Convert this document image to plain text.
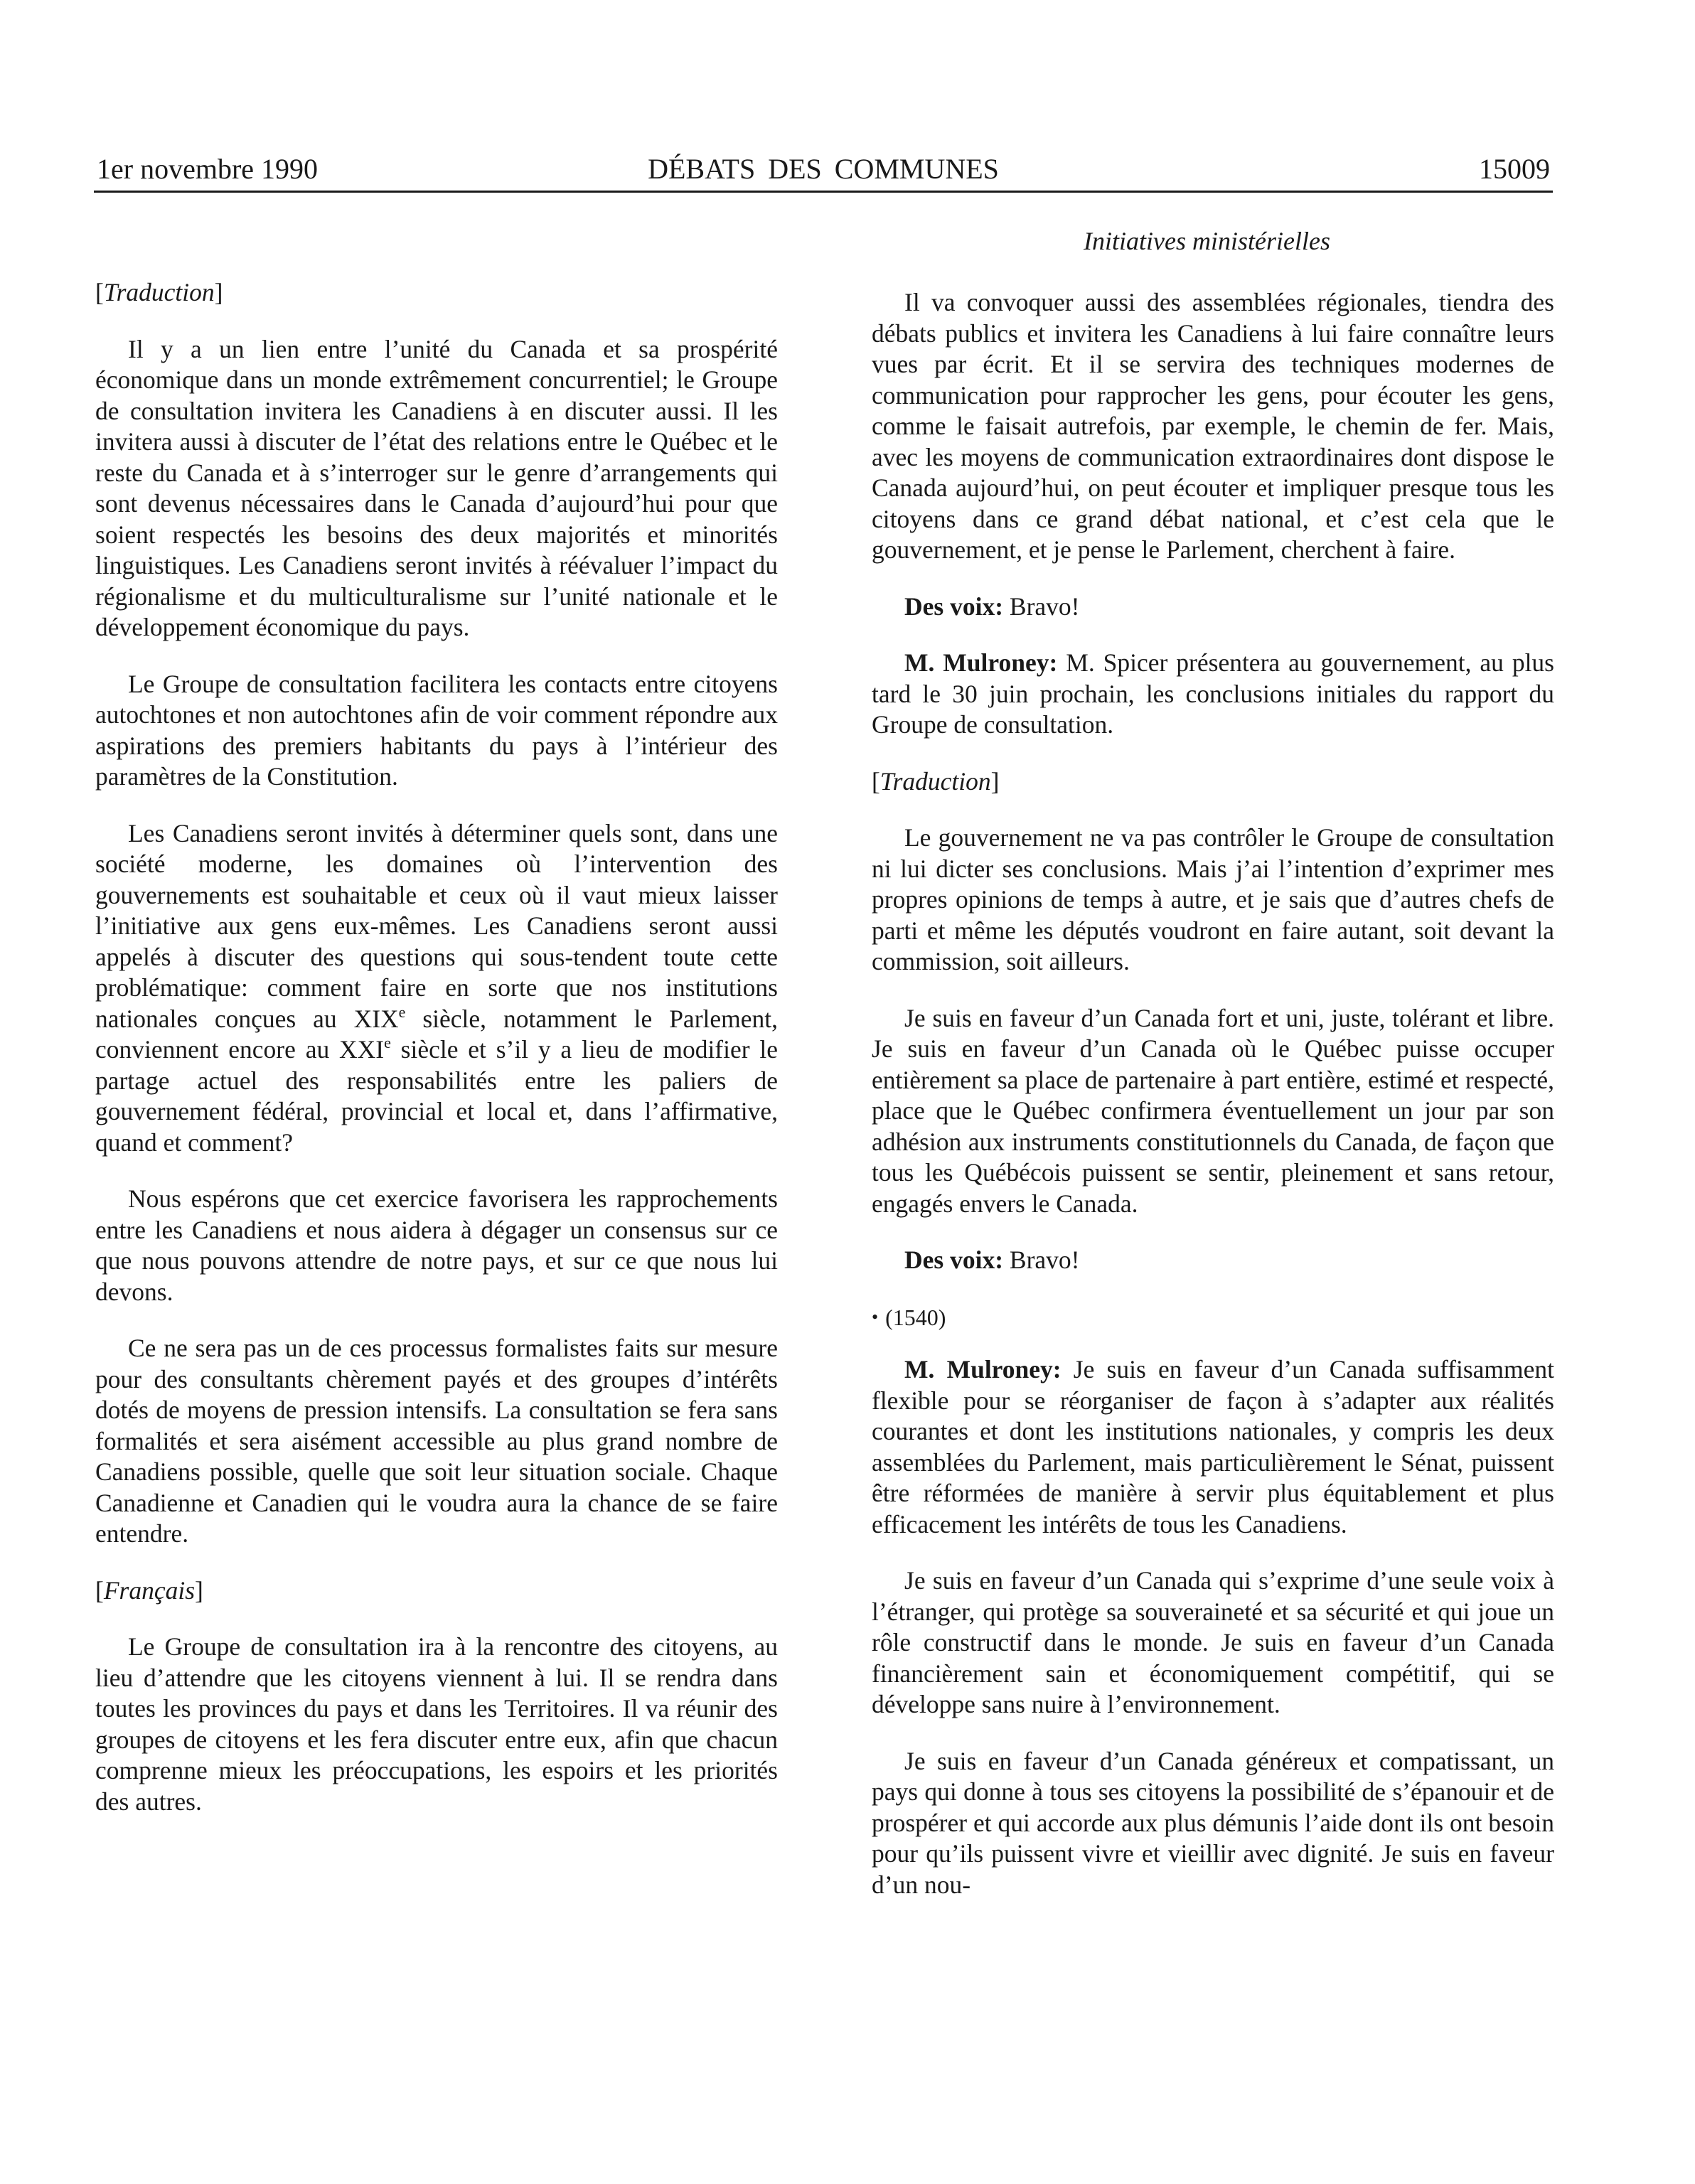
1er novembre 1990	DÉBATS DES COMMUNES	15009
Initiatives ministérielles

[Traduction]

Il y a un lien entre l’unité du Canada et sa prospérité économique dans un monde extrêmement concurrentiel; le Groupe de consultation invitera les Canadiens à en discuter aussi. Il les invitera aussi à discuter de l’état des relations entre le Québec et le reste du Canada et à s’interroger sur le genre d’arrangements qui sont devenus nécessaires dans le Canada d’aujourd’hui pour que soient respectés les besoins des deux majorités et minorités linguistiques. Les Canadiens seront invités à réévaluer l’impact du régionalisme et du multiculturalisme sur l’unité nationale et le développement économique du pays.

Le Groupe de consultation facilitera les contacts entre citoyens autochtones et non autochtones afin de voir comment répondre aux aspirations des premiers habitants du pays à l’intérieur des paramètres de la Constitution.

Les Canadiens seront invités à déterminer quels sont, dans une société moderne, les domaines où l’intervention des gouvernements est souhaitable et ceux où il vaut mieux laisser l’initiative aux gens eux-mêmes. Les Canadiens seront aussi appelés à discuter des questions qui sous-tendent toute cette problématique: comment faire en sorte que nos institutions nationales conçues au XIXe siècle, notamment le Parlement, conviennent encore au XXIe siècle et s’il y a lieu de modifier le partage actuel des responsabilités entre les paliers de gouvernement fédéral, provincial et local et, dans l’affirmative, quand et comment?

Nous espérons que cet exercice favorisera les rapprochements entre les Canadiens et nous aidera à dégager un consensus sur ce que nous pouvons attendre de notre pays, et sur ce que nous lui devons.

Ce ne sera pas un de ces processus formalistes faits sur mesure pour des consultants chèrement payés et des groupes d’intérêts dotés de moyens de pression intensifs. La consultation se fera sans formalités et sera aisément accessible au plus grand nombre de Canadiens possible, quelle que soit leur situation sociale. Chaque Canadienne et Canadien qui le voudra aura la chance de se faire entendre.

[Français]

Le Groupe de consultation ira à la rencontre des citoyens, au lieu d’attendre que les citoyens viennent à lui. Il se rendra dans toutes les provinces du pays et dans les Territoires. Il va réunir des groupes de citoyens et les fera discuter entre eux, afin que chacun comprenne mieux les préoccupations, les espoirs et les priorités des autres.

Il va convoquer aussi des assemblées régionales, tiendra des débats publics et invitera les Canadiens à lui faire connaître leurs vues par écrit. Et il se servira des techniques modernes de communication pour rapprocher les gens, pour écouter les gens, comme le faisait autrefois, par exemple, le chemin de fer. Mais, avec les moyens de communication extraordinaires dont dispose le Canada aujourd’hui, on peut écouter et impliquer presque tous les citoyens dans ce grand débat national, et c’est cela que le gouvernement, et je pense le Parlement, cherchent à faire.

Des voix: Bravo!

M. Mulroney: M. Spicer présentera au gouvernement, au plus tard le 30 juin prochain, les conclusions initiales du rapport du Groupe de consultation.

[Traduction]

Le gouvernement ne va pas contrôler le Groupe de consultation ni lui dicter ses conclusions. Mais j’ai l’intention d’exprimer mes propres opinions de temps à autre, et je sais que d’autres chefs de parti et même les députés voudront en faire autant, soit devant la commission, soit ailleurs.

Je suis en faveur d’un Canada fort et uni, juste, tolérant et libre. Je suis en faveur d’un Canada où le Québec puisse occuper entièrement sa place de partenaire à part entière, estimé et respecté, place que le Québec confirmera éventuellement un jour par son adhésion aux instruments constitutionnels du Canada, de façon que tous les Québécois puissent se sentir, pleinement et sans retour, engagés envers le Canada.

Des voix: Bravo!

• (1540)

M. Mulroney: Je suis en faveur d’un Canada suffisamment flexible pour se réorganiser de façon à s’adapter aux réalités courantes et dont les institutions nationales, y compris les deux assemblées du Parlement, mais particulièrement le Sénat, puissent être réformées de manière à servir plus équitablement et plus efficacement les intérêts de tous les Canadiens.

Je suis en faveur d’un Canada qui s’exprime d’une seule voix à l’étranger, qui protège sa souveraineté et sa sécurité et qui joue un rôle constructif dans le monde. Je suis en faveur d’un Canada financièrement sain et économiquement compétitif, qui se développe sans nuire à l’environnement.

Je suis en faveur d’un Canada généreux et compatissant, un pays qui donne à tous ses citoyens la possibilité de s’épanouir et de prospérer et qui accorde aux plus démunis l’aide dont ils ont besoin pour qu’ils puissent vivre et vieillir avec dignité. Je suis en faveur d’un nou-
